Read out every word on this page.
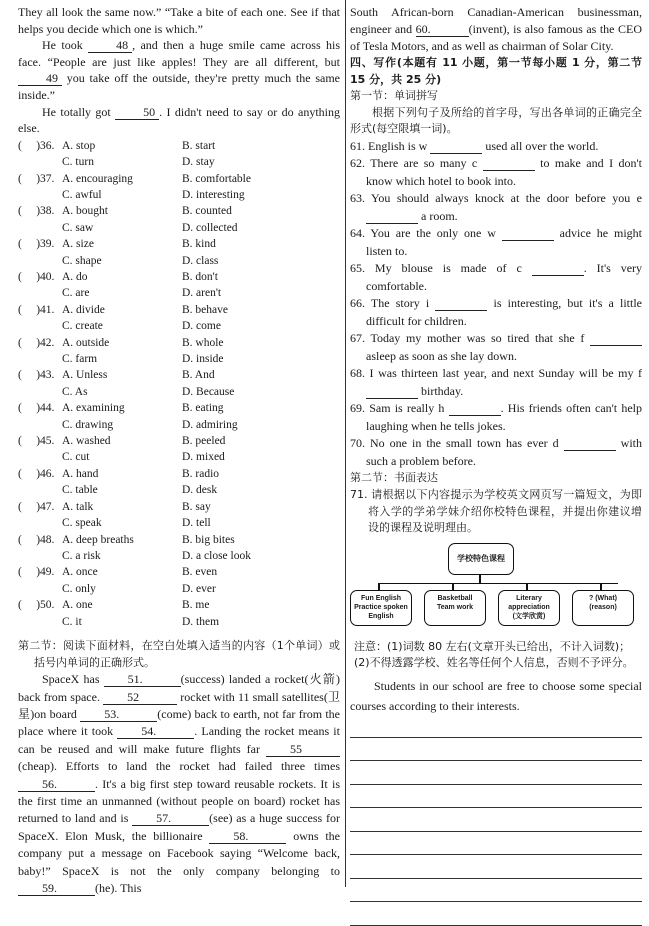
They all look the same now.” “Take a bite of each one. See if that helps you decide which one is which.”

He took 48 , and then a huge smile came across his face. “People are just like apples! They are all different, but 49 you take off the outside, they're pretty much the same inside.”

He totally got 50 . I didn't need to say or do anything else.

(     )36. A. stop	B. start
C. turn	D. stay
(     )37. A. encouraging	B. comfortable
C. awful	D. interesting
(     )38. A. bought	B. counted
C. saw	D. collected
(     )39. A. size	B. kind
C. shape	D. class
(     )40. A. do	B. don't
C. are	D. aren't
(     )41. A. divide	B. behave
C. create	D. come
(     )42. A. outside	B. whole
C. farm	D. inside
(     )43. A. Unless	B. And
C. As	D. Because
(     )44. A. examining	B. eating
C. drawing	D. admiring
(     )45. A. washed	B. peeled
C. cut	D. mixed
(     )46. A. hand	B. radio
C. table	D. desk
(     )47. A. talk	B. say
C. speak	D. tell
(     )48. A. deep breaths	B. big bites
C. a risk	D. a close look
(     )49. A. once	B. even
C. only	D. ever
(     )50. A. one	B. me
C. it	D. them

第二节：阅读下面材料，在空白处填入适当的内容（1个单词）或括号内单词的正确形式。

SpaceX has 51.	(success) landed a rocket(火箭) back from space. 52	rocket with 11 small satellites(卫星)on board 53.	(come) back to earth, not far from the place where it took 54.	. Landing the rocket means it can be reused and will make future flights far 55(cheap). Efforts to land the rocket had failed three times 56.	. It's a big first step toward reusable rockets. It is the first time an unmanned (without people on board) rocket has returned to land and is 57.	(see) as a huge success for SpaceX. Elon Musk, the billionaire 58.	owns the company put a message on Facebook saying “Welcome back, baby!” SpaceX is not the only company belonging to 59.	(he). This

South African-born Canadian-American businessman, engineer and 60.	(invent), is also famous as the CEO of Tesla Motors, and as well as chairman of Solar City.

四、写作(本题有 11 小题，第一节每小题 1 分，第二节 15 分，共 25 分)

第一节：单词拼写

根据下列句子及所给的首字母，写出各单词的正确完全形式(每空限填一词)。

61. English is w	used all over the world.

62. There are so many c	to make and I don't know which hotel to book into.

63. You should always knock at the door before you e   a room.

64. You are the only one w	advice he might listen to.

65. My blouse is made of c	. It's very comfortable.

66. The story i	is interesting, but it's a little difficult for children.

67. Today my mother was so tired that she f   asleep as soon as she lay down.

68. I was thirteen last year, and next Sunday will be my f   birthday.

69. Sam is really h	. His friends often can't help laughing when he tells jokes.

70. No one in the small town has ever d	with such a problem before.

第二节：书面表达

71. 请根据以下内容提示为学校英文网页写一篇短文，为即将入学的学弟学妹介绍你校特色课程，并提出你建议增设的课程及说明理由。

学校特色课程
Fun English
Practice spoken English
Basketball
Team work
Literary appreciation
(文学欣赏)
? (What)
(reason)

注意：(1)词数 80 左右(文章开头已给出，不计入词数)；

(2)不得透露学校、姓名等任何个人信息，否则不予评分。

Students in our school are free to choose some special courses according to their interests.
